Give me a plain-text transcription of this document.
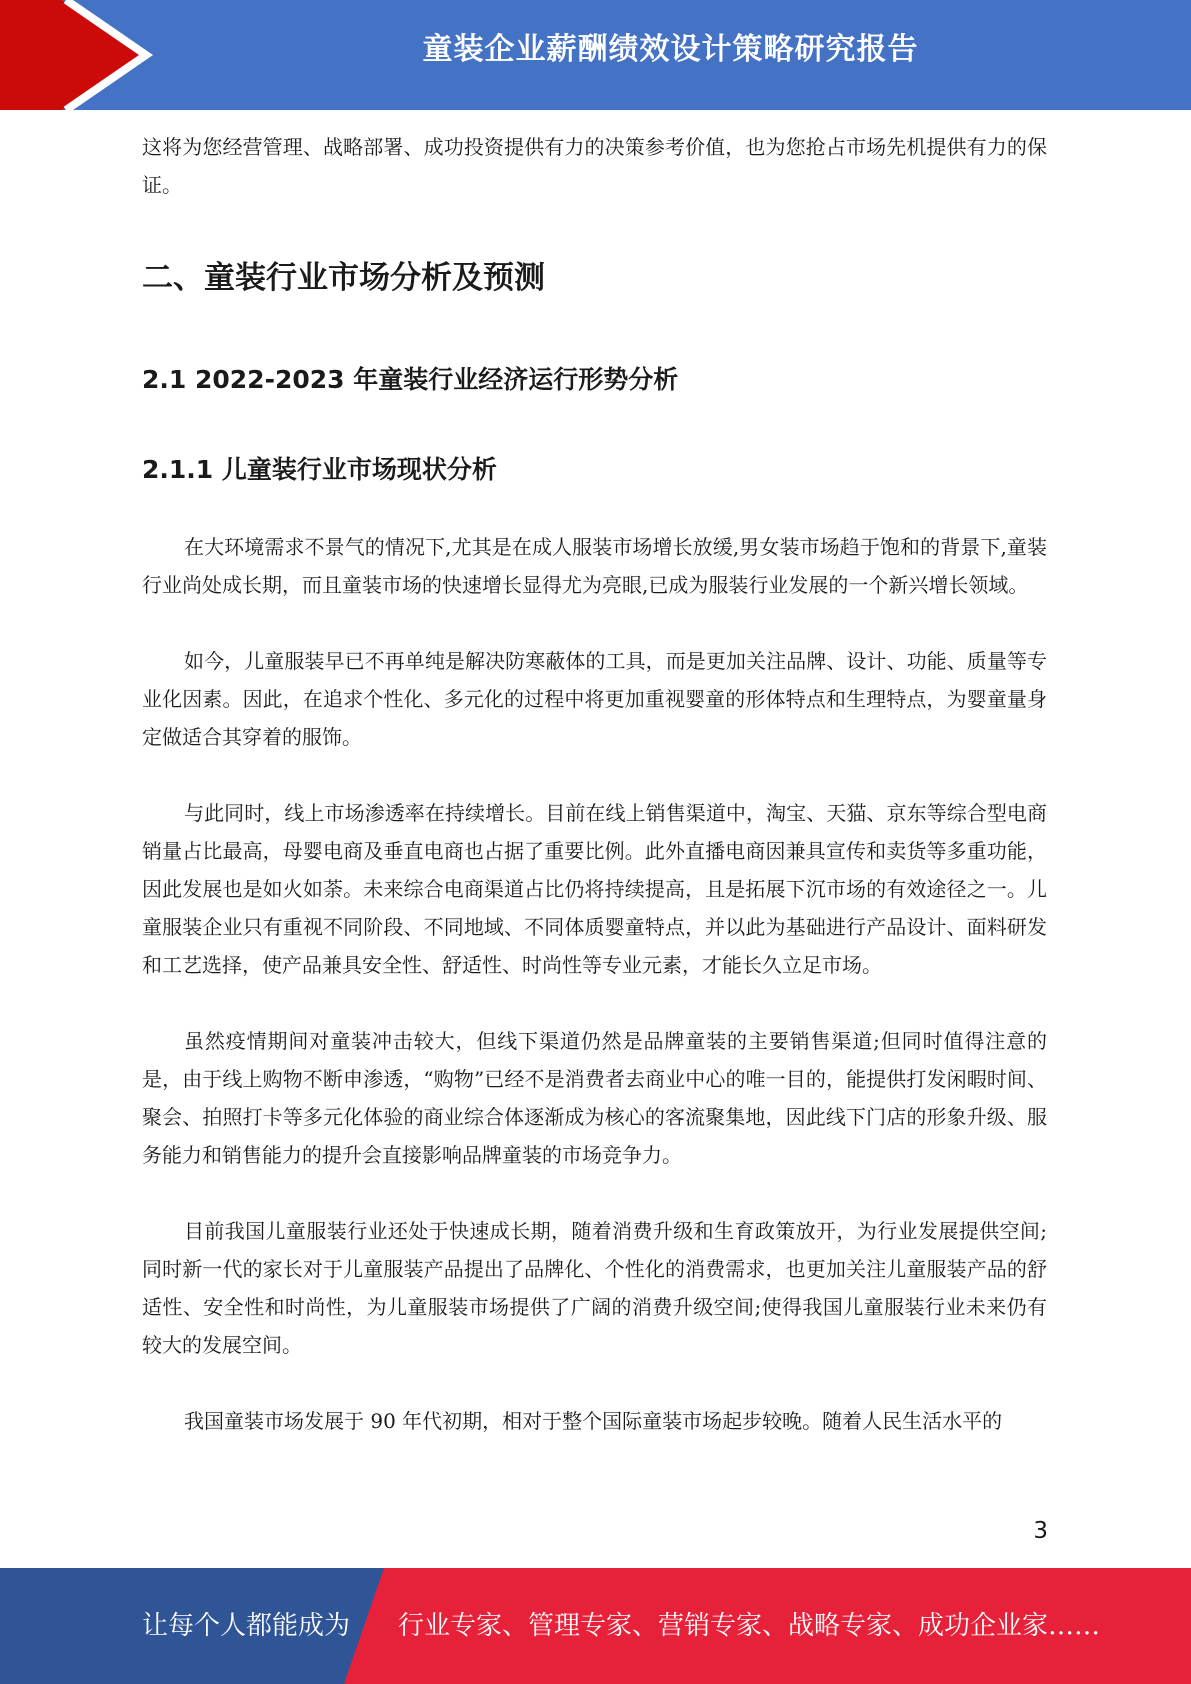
童装企业薪酬绩效设计策略研究报告

这将为您经营管理、战略部署、成功投资提供有力的决策参考价值，也为您抢占市场先机提供有力的保证。

二、童装行业市场分析及预测
2.1 2022-2023 年童装行业经济运行形势分析
2.1.1 儿童装行业市场现状分析

在大环境需求不景气的情况下,尤其是在成人服装市场增长放缓,男女装市场趋于饱和的背景下,童装行业尚处成长期，而且童装市场的快速增长显得尤为亮眼,已成为服装行业发展的一个新兴增长领域。

如今，儿童服装早已不再单纯是解决防寒蔽体的工具，而是更加关注品牌、设计、功能、质量等专业化因素。因此，在追求个性化、多元化的过程中将更加重视婴童的形体特点和生理特点，为婴童量身定做适合其穿着的服饰。

与此同时，线上市场渗透率在持续增长。目前在线上销售渠道中，淘宝、天猫、京东等综合型电商销量占比最高，母婴电商及垂直电商也占据了重要比例。此外直播电商因兼具宣传和卖货等多重功能，因此发展也是如火如荼。未来综合电商渠道占比仍将持续提高，且是拓展下沉市场的有效途径之一。儿童服装企业只有重视不同阶段、不同地域、不同体质婴童特点，并以此为基础进行产品设计、面料研发和工艺选择，使产品兼具安全性、舒适性、时尚性等专业元素，才能长久立足市场。

虽然疫情期间对童装冲击较大，但线下渠道仍然是品牌童装的主要销售渠道;但同时值得注意的是，由于线上购物不断申渗透，“购物”已经不是消费者去商业中心的唯一目的，能提供打发闲暇时间、聚会、拍照打卡等多元化体验的商业综合体逐渐成为核心的客流聚集地，因此线下门店的形象升级、服务能力和销售能力的提升会直接影响品牌童装的市场竞争力。

目前我国儿童服装行业还处于快速成长期，随着消费升级和生育政策放开，为行业发展提供空间;同时新一代的家长对于儿童服装产品提出了品牌化、个性化的消费需求，也更加关注儿童服装产品的舒适性、安全性和时尚性，为儿童服装市场提供了广阔的消费升级空间;使得我国儿童服装行业未来仍有较大的发展空间。

我国童装市场发展于 90 年代初期，相对于整个国际童装市场起步较晚。随着人民生活水平的

3
让每个人都能成为 行业专家、管理专家、营销专家、战略专家、成功企业家……
